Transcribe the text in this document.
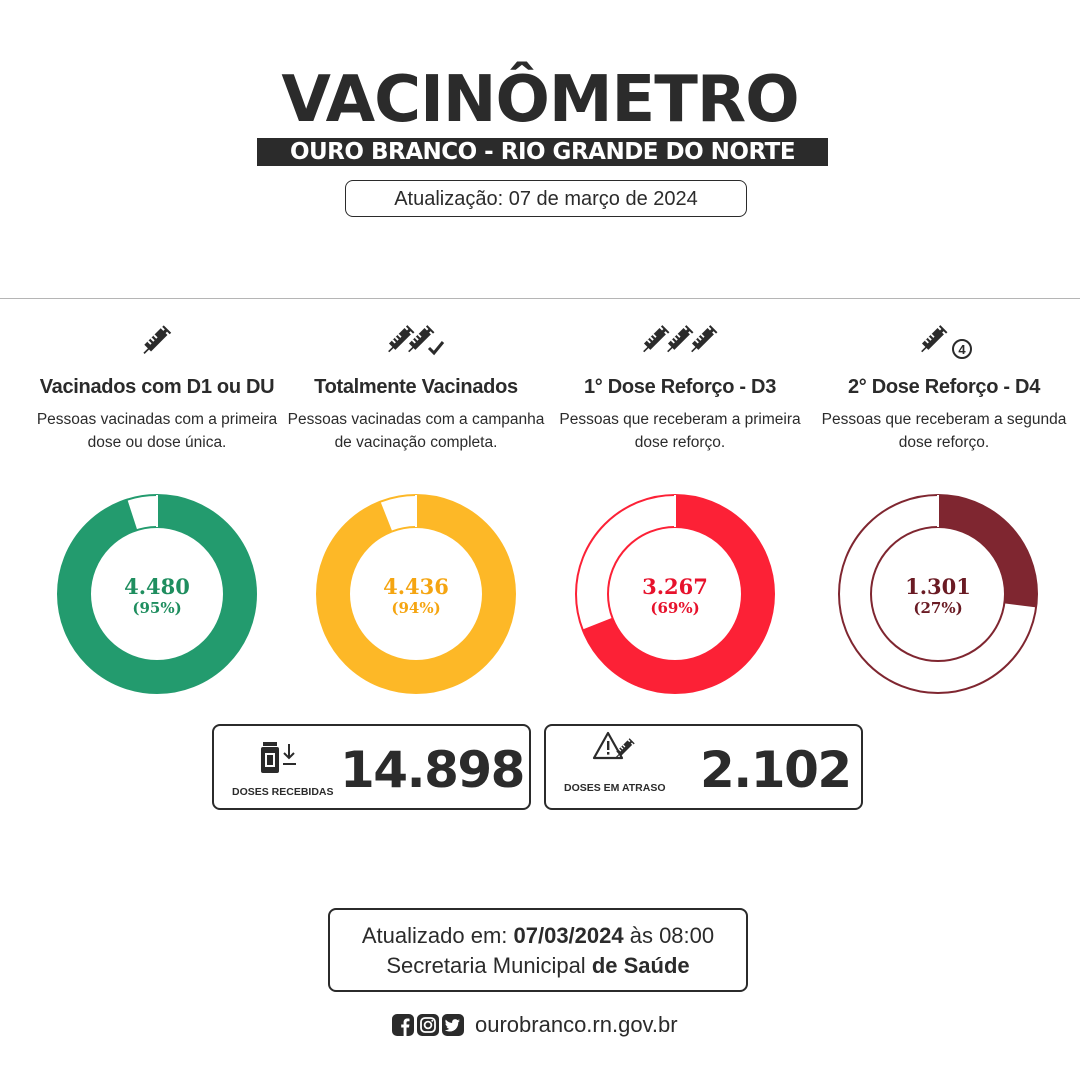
VACINÔMETRO
OURO BRANCO - RIO GRANDE DO NORTE
Atualização: 07 de março de 2024
Vacinados com D1 ou DU

Pessoas vacinadas com a primeira dose ou dose única.

Totalmente Vacinados

Pessoas vacinadas com a campanha de vacinação completa.

1° Dose Reforço - D3

Pessoas que receberam a primeira dose reforço.

4
2° Dose Reforço - D4

Pessoas que receberam a segunda dose reforço.

4.480
(95%)
4.436
(94%)
3.267
(69%)
1.301
(27%)
DOSES RECEBIDAS 14.898	DOSES EM ATRASO 2.102
Atualizado em: 07/03/2024 às 08:00
Secretaria Municipal de Saúde
ourobranco.rn.gov.br
